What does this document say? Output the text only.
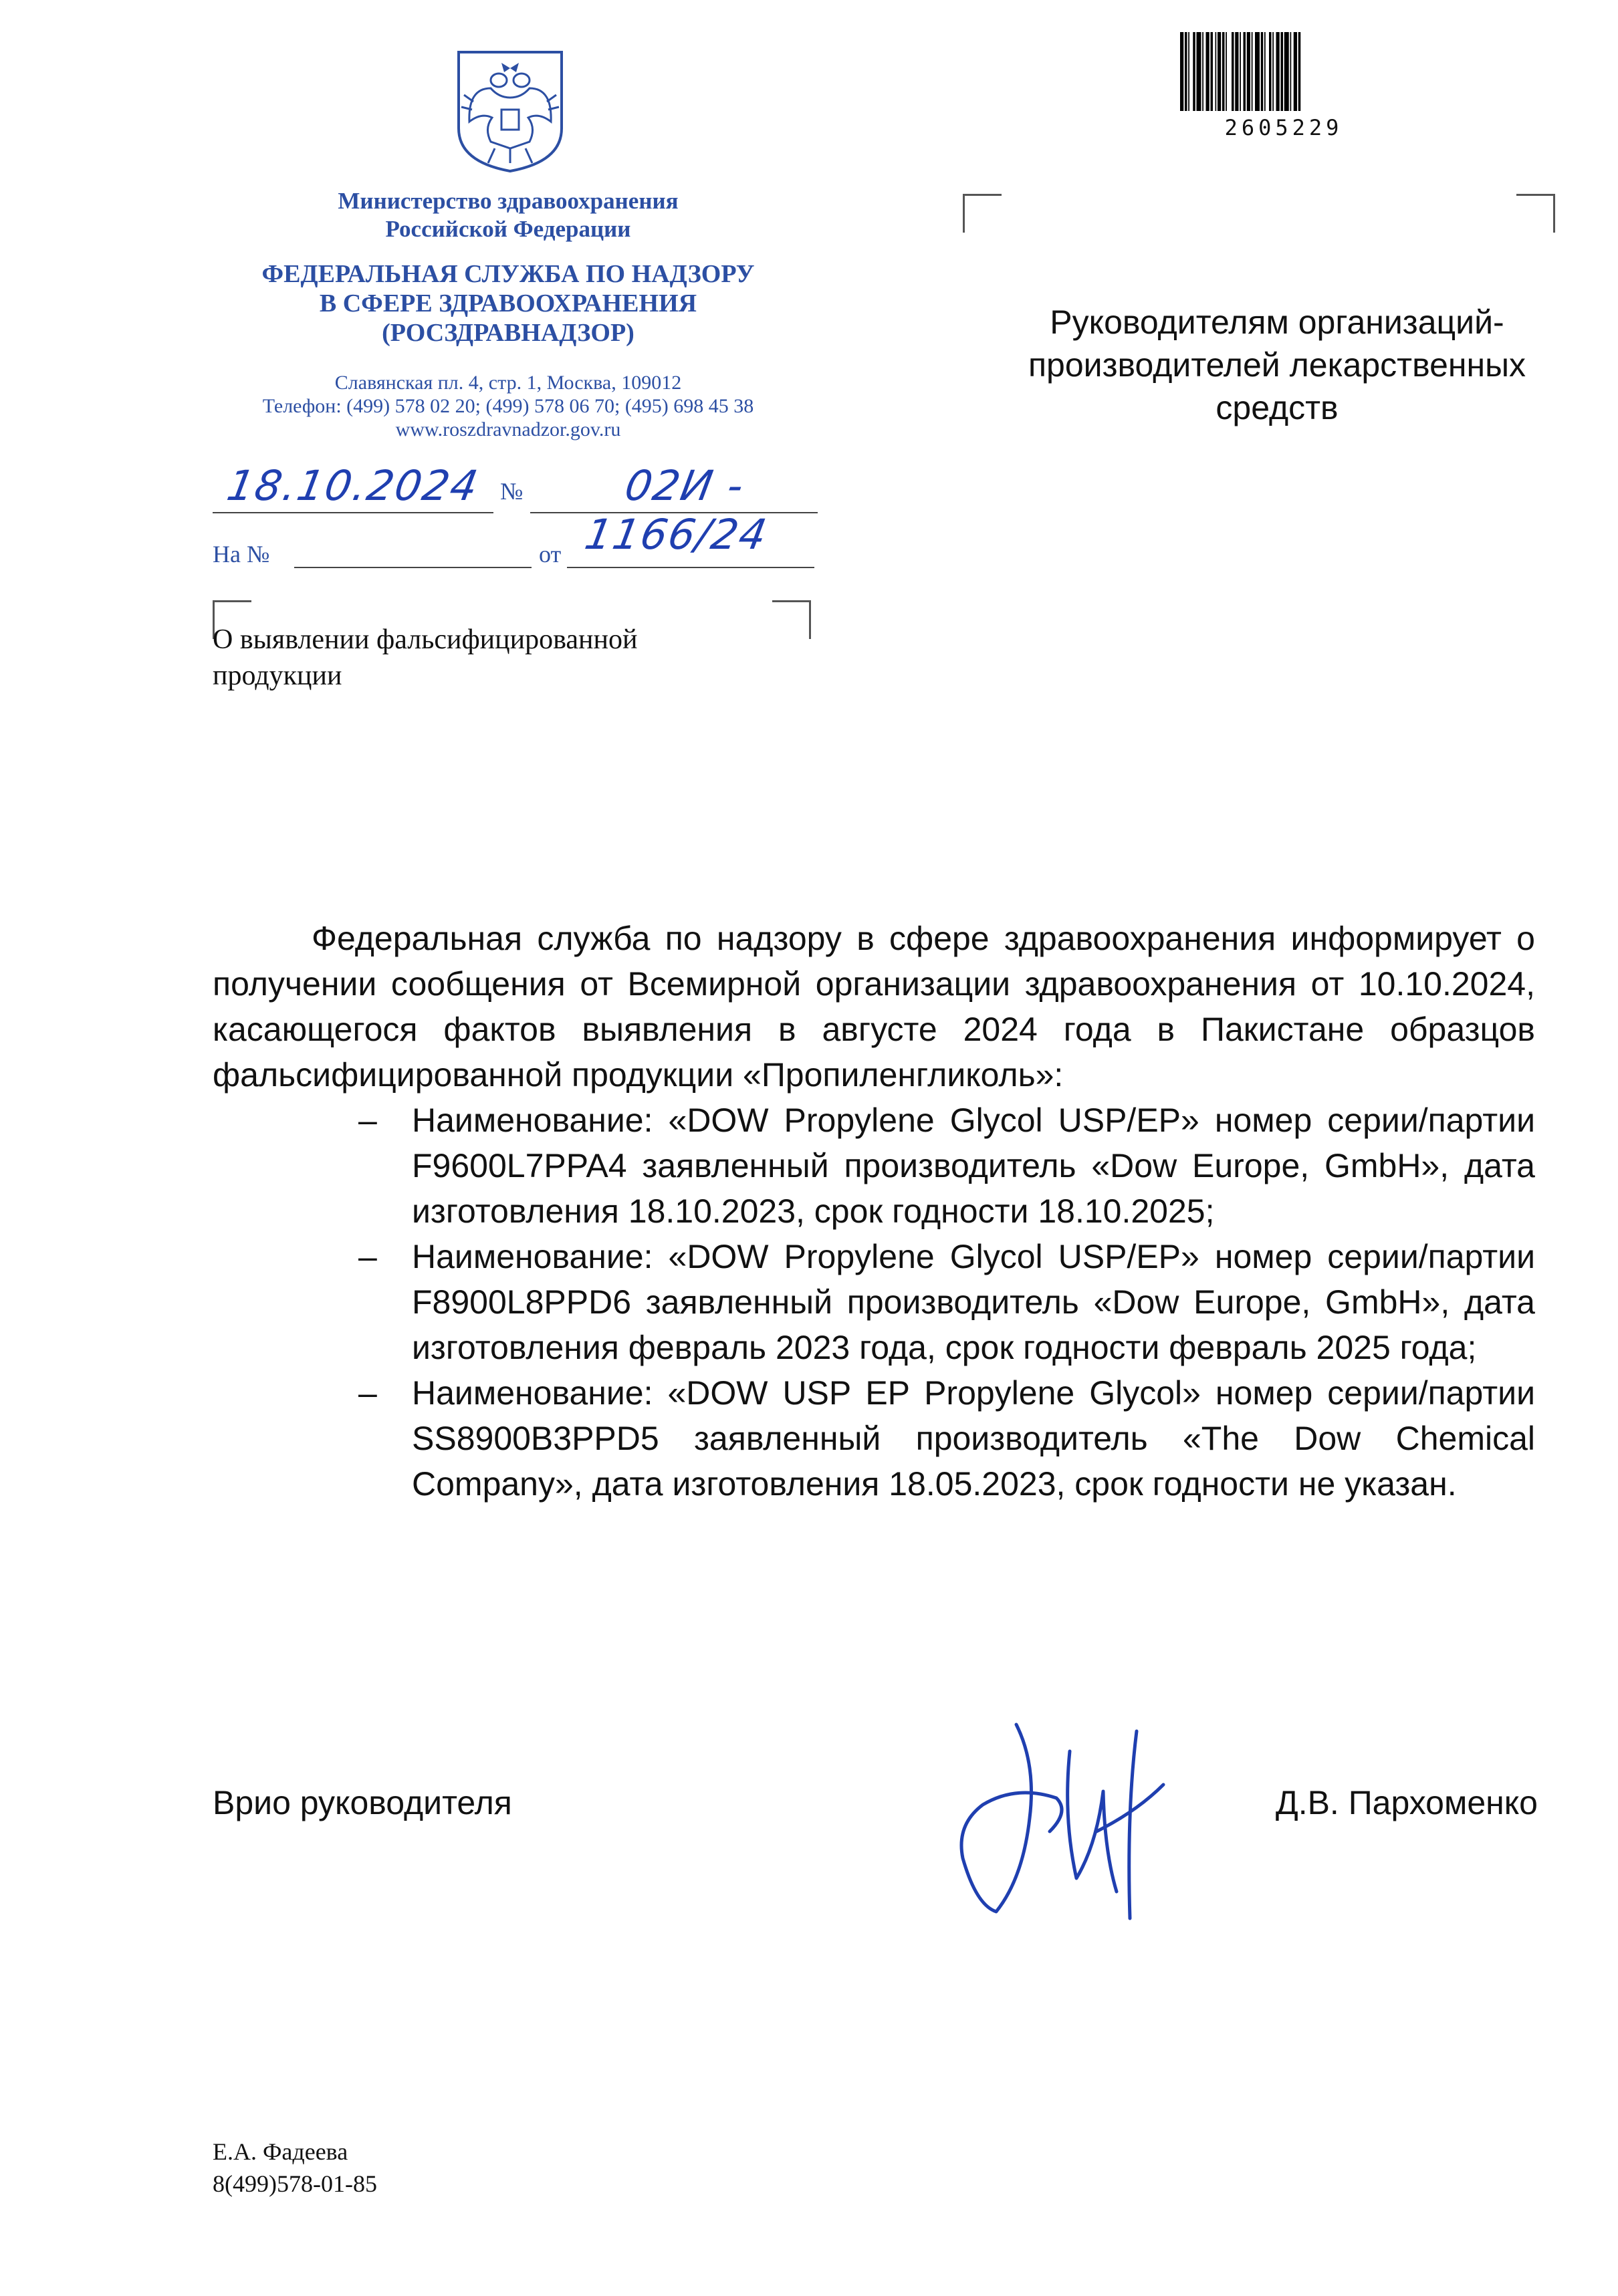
2605229
Министерство здравоохранения
Российской Федерации
ФЕДЕРАЛЬНАЯ СЛУЖБА ПО НАДЗОРУ
В СФЕРЕ ЗДРАВООХРАНЕНИЯ
(РОСЗДРАВНАДЗОР)
Славянская пл. 4, стр. 1, Москва, 109012
Телефон: (499) 578 02 20; (499) 578 06 70; (495) 698 45 38
www.roszdravnadzor.gov.ru
18.10.2024 №	02И - 1166/24
На №	от
Руководителям организаций-
производителей лекарственных
средств
О выявлении фальсифицированной
продукции

Федеральная служба по надзору в сфере здравоохранения информирует о получении сообщения от Всемирной организации здравоохранения от 10.10.2024, касающегося фактов выявления в августе 2024 года в Пакистане образцов фальсифицированной продукции «Пропиленгликоль»:

– Наименование: «DOW Propylene Glycol USP/EP» номер серии/партии F9600L7PPA4 заявленный производитель «Dow Europe, GmbH», дата изготовления 18.10.2023, срок годности 18.10.2025;
– Наименование: «DOW Propylene Glycol USP/EP» номер серии/партии F8900L8PPD6 заявленный производитель «Dow Europe, GmbH», дата изготовления февраль 2023 года, срок годности февраль 2025 года;
– Наименование: «DOW USP EP Propylene Glycol» номер серии/партии SS8900B3PPD5 заявленный производитель «The Dow Chemical Company», дата изготовления 18.05.2023, срок годности не указан.
Врио руководителя	Д.В. Пархоменко
Е.А. Фадеева
8(499)578-01-85
